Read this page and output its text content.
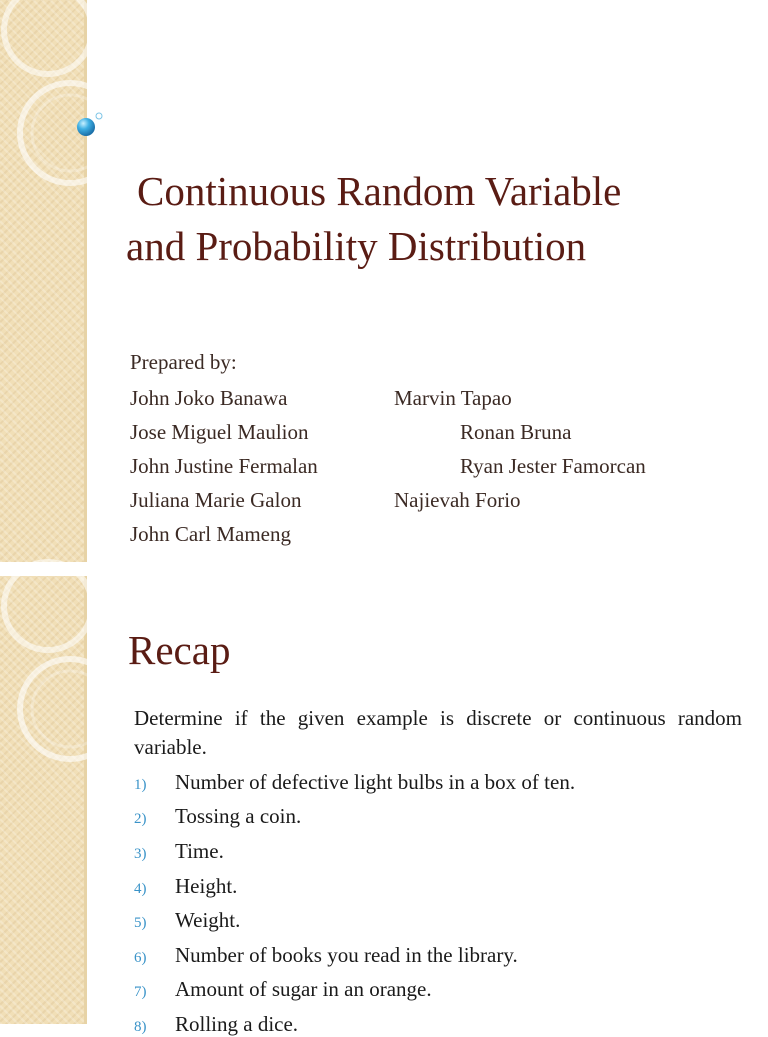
Continuous Random Variable
and Probability Distribution
Prepared by:
John Joko Banawa
Jose Miguel Maulion
John Justine Fermalan
Juliana Marie Galon
John Carl Mameng
Marvin Tapao
Ronan Bruna
Ryan Jester Famorcan
Najievah Forio
Recap
Determine if the given example is discrete or continuous random variable.
1) Number of defective light bulbs in a box of ten.
2) Tossing a coin.
3) Time.
4) Height.
5) Weight.
6) Number of books you read in the library.
7) Amount of sugar in an orange.
8) Rolling a dice.
